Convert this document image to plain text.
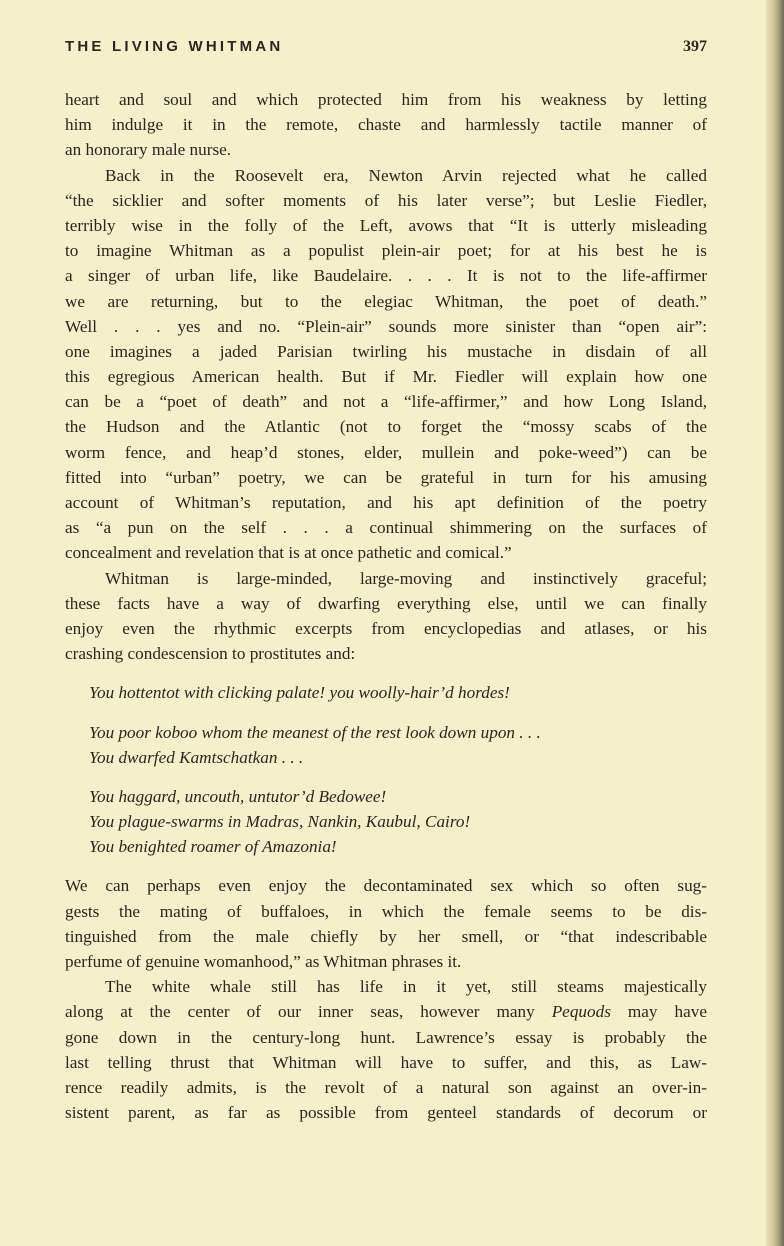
THE LIVING WHITMAN	397
heart and soul and which protected him from his weakness by letting
him indulge it in the remote, chaste and harmlessly tactile manner of
an honorary male nurse.
Back in the Roosevelt era, Newton Arvin rejected what he called
“the sicklier and softer moments of his later verse”; but Leslie Fiedler,
terribly wise in the folly of the Left, avows that “It is utterly misleading
to imagine Whitman as a populist plein-air poet; for at his best he is
a singer of urban life, like Baudelaire. . . . It is not to the life-affirmer
we are returning, but to the elegiac Whitman, the poet of death.”
Well . . . yes and no. “Plein-air” sounds more sinister than “open air”:
one imagines a jaded Parisian twirling his mustache in disdain of all
this egregious American health. But if Mr. Fiedler will explain how one
can be a “poet of death” and not a “life-affirmer,” and how Long Island,
the Hudson and the Atlantic (not to forget the “mossy scabs of the
worm fence, and heap’d stones, elder, mullein and poke-weed”) can be
fitted into “urban” poetry, we can be grateful in turn for his amusing
account of Whitman’s reputation, and his apt definition of the poetry
as “a pun on the self . . . a continual shimmering on the surfaces of
concealment and revelation that is at once pathetic and comical.”
Whitman is large-minded, large-moving and instinctively graceful;
these facts have a way of dwarfing everything else, until we can finally
enjoy even the rhythmic excerpts from encyclopedias and atlases, or his
crashing condescension to prostitutes and:
You hottentot with clicking palate! you woolly-hair’d hordes!
You poor koboo whom the meanest of the rest look down upon . . .
You dwarfed Kamtschatkan . . .
You haggard, uncouth, untutor’d Bedowee!
You plague-swarms in Madras, Nankin, Kaubul, Cairo!
You benighted roamer of Amazonia!
We can perhaps even enjoy the decontaminated sex which so often sug-
gests the mating of buffaloes, in which the female seems to be dis-
tinguished from the male chiefly by her smell, or “that indescribable
perfume of genuine womanhood,” as Whitman phrases it.
The white whale still has life in it yet, still steams majestically
along at the center of our inner seas, however many Pequods may have
gone down in the century-long hunt. Lawrence’s essay is probably the
last telling thrust that Whitman will have to suffer, and this, as Law-
rence readily admits, is the revolt of a natural son against an over-in-
sistent parent, as far as possible from genteel standards of decorum or
